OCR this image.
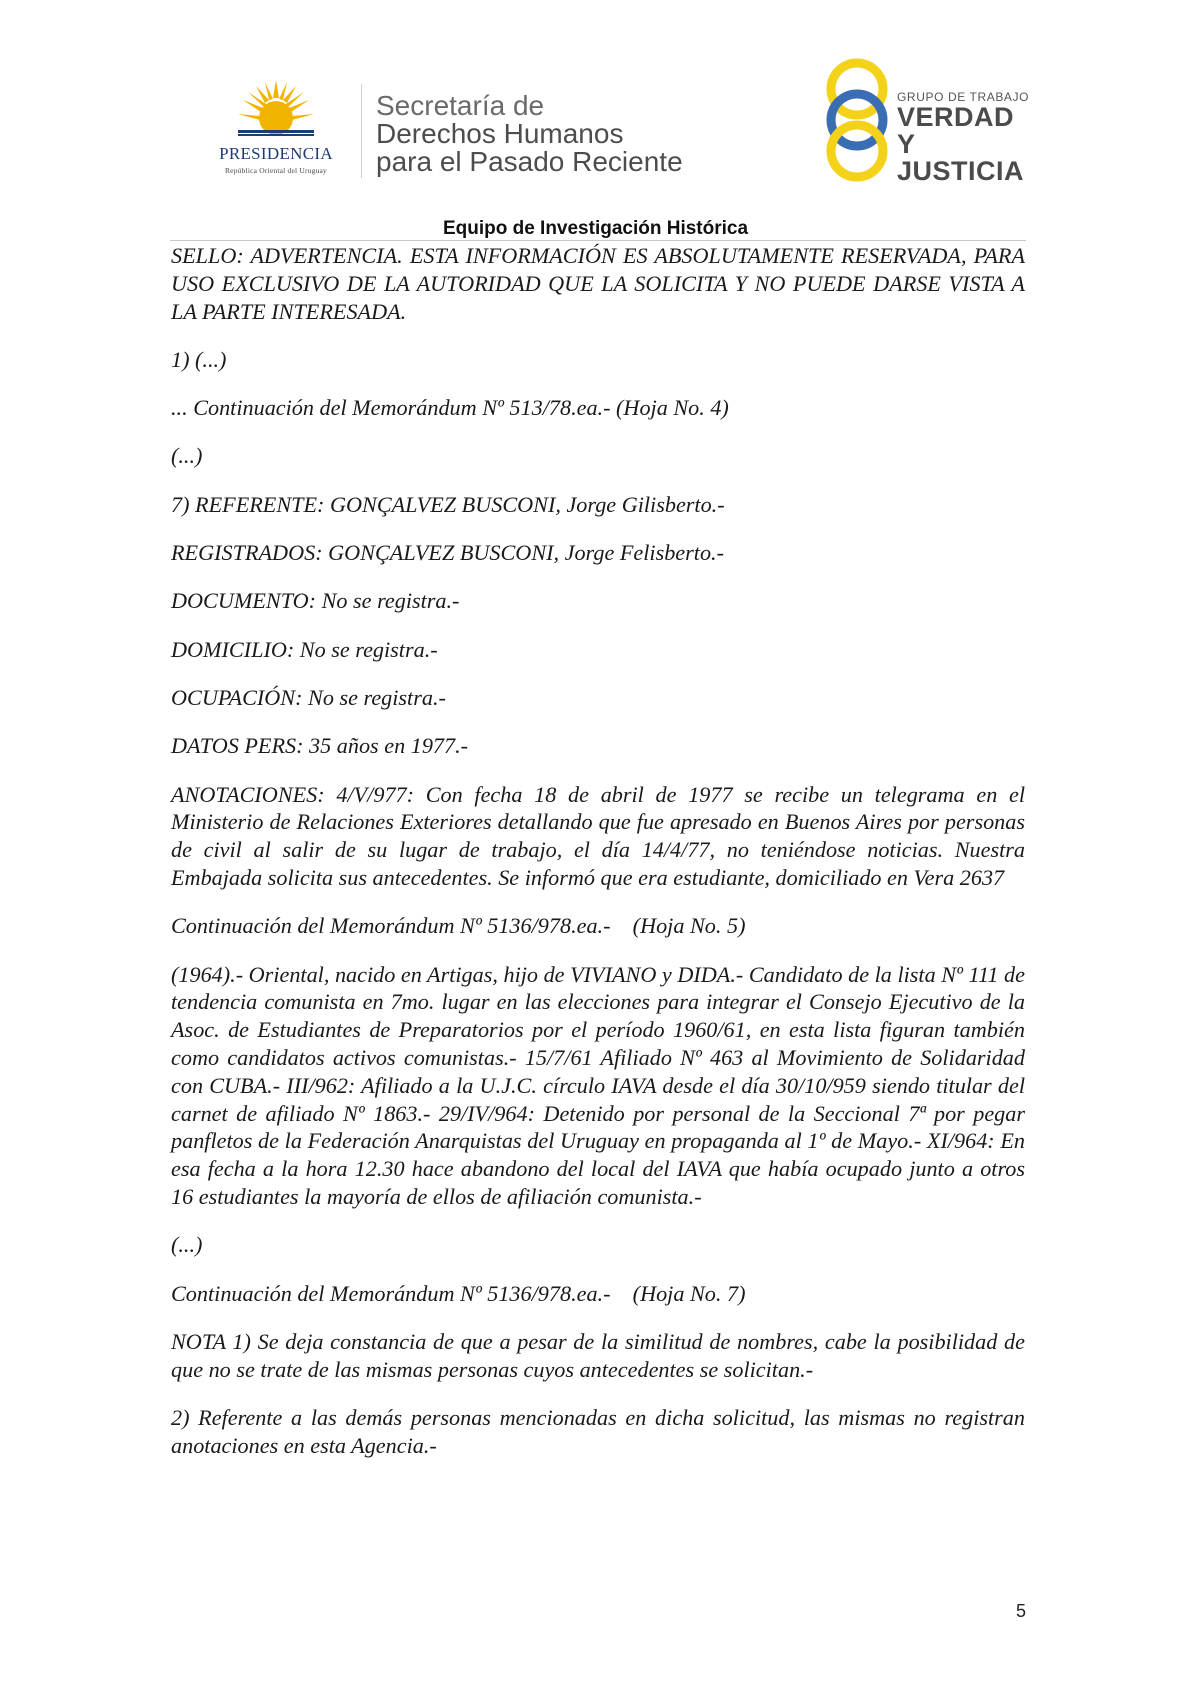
PRESIDENCIA
República Oriental del Uruguay
Secretaría de
Derechos Humanos
para el Pasado Reciente
GRUPO DE TRABAJO
VERDAD Y
JUSTICIA
Equipo de Investigación Histórica

SELLO: ADVERTENCIA. ESTA INFORMACIÓN ES ABSOLUTAMENTE RESERVADA, PARA USO EXCLUSIVO DE LA AUTORIDAD QUE LA SOLICITA Y NO PUEDE DARSE VISTA A LA PARTE INTERESADA.

1) (...)

... Continuación del Memorándum Nº 513/78.ea.- (Hoja No. 4)

(...)

7) REFERENTE: GONÇALVEZ BUSCONI, Jorge Gilisberto.-

REGISTRADOS: GONÇALVEZ BUSCONI, Jorge Felisberto.-

DOCUMENTO: No se registra.-

DOMICILIO: No se registra.-

OCUPACIÓN: No se registra.-

DATOS PERS: 35 años en 1977.-

ANOTACIONES: 4/V/977: Con fecha 18 de abril de 1977 se recibe un telegrama en el Ministerio de Relaciones Exteriores detallando que fue apresado en Buenos Aires por personas de civil al salir de su lugar de trabajo, el día 14/4/77, no teniéndose noticias. Nuestra Embajada solicita sus antecedentes. Se informó que era estudiante, domiciliado en Vera 2637

Continuación del Memorándum Nº 5136/978.ea.-    (Hoja No. 5)

(1964).- Oriental, nacido en Artigas, hijo de VIVIANO y DIDA.- Candidato de la lista Nº 111 de tendencia comunista en 7mo. lugar en las elecciones para integrar el Consejo Ejecutivo de la Asoc. de Estudiantes de Preparatorios por el período 1960/61, en esta lista figuran también como candidatos activos comunistas.- 15/7/61 Afiliado Nº 463 al Movimiento de Solidaridad con CUBA.- III/962: Afiliado a la U.J.C. círculo IAVA desde el día 30/10/959 siendo titular del carnet de afiliado Nº 1863.- 29/IV/964: Detenido por personal de la Seccional 7ª por pegar panfletos de la Federación Anarquistas del Uruguay en propaganda al 1º de Mayo.- XI/964: En esa fecha a la hora 12.30 hace abandono del local del IAVA que había ocupado junto a otros 16 estudiantes la mayoría de ellos de afiliación comunista.-

(...)

Continuación del Memorándum Nº 5136/978.ea.-    (Hoja No. 7)

NOTA 1) Se deja constancia de que a pesar de la similitud de nombres, cabe la posibilidad de que no se trate de las mismas personas cuyos antecedentes se solicitan.-

2) Referente a las demás personas mencionadas en dicha solicitud, las mismas no registran anotaciones en esta Agencia.-

5
